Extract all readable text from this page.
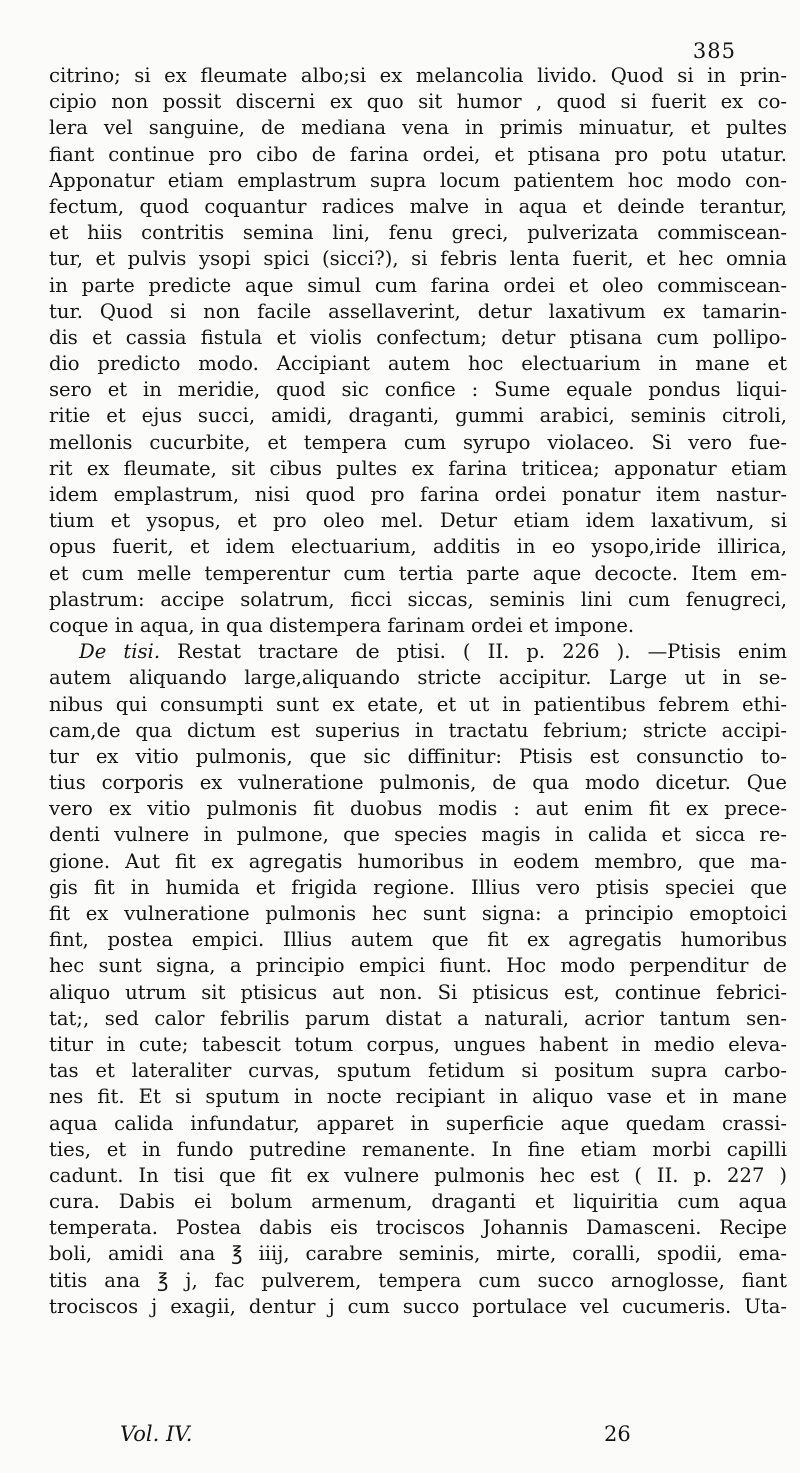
385
citrino; si ex fleumate albo;si ex melancolia livido. Quod si in prin-
cipio non possit discerni ex quo sit humor , quod si fuerit ex co-
lera vel sanguine, de mediana vena in primis minuatur, et pultes
fiant continue pro cibo de farina ordei, et ptisana pro potu utatur.
Apponatur etiam emplastrum supra locum patientem hoc modo con-
fectum, quod coquantur radices malve in aqua et deinde terantur,
et hiis contritis semina lini, fenu greci, pulverizata commiscean-
tur, et pulvis ysopi spici (sicci?), si febris lenta fuerit, et hec omnia
in parte predicte aque simul cum farina ordei et oleo commiscean-
tur. Quod si non facile assellaverint, detur laxativum ex tamarin-
dis et cassia fistula et violis confectum; detur ptisana cum pollipo-
dio predicto modo. Accipiant autem hoc electuarium in mane et
sero et in meridie, quod sic confice : Sume equale pondus liqui-
ritie et ejus succi, amidi, draganti, gummi arabici, seminis citroli,
mellonis cucurbite, et tempera cum syrupo violaceo. Si vero fue-
rit ex fleumate, sit cibus pultes ex farina triticea; apponatur etiam
idem emplastrum, nisi quod pro farina ordei ponatur item nastur-
tium et ysopus, et pro oleo mel. Detur etiam idem laxativum, si
opus fuerit, et idem electuarium, additis in eo ysopo,iride illirica,
et cum melle temperentur cum tertia parte aque decocte. Item em-
plastrum: accipe solatrum, ficci siccas, seminis lini cum fenugreci,
coque in aqua, in qua distempera farinam ordei et impone.
De tisi. Restat tractare de ptisi. ( II. p. 226 ). —Ptisis enim
autem aliquando large,aliquando stricte accipitur. Large ut in se-
nibus qui consumpti sunt ex etate, et ut in patientibus febrem ethi-
cam,de qua dictum est superius in tractatu febrium; stricte accipi-
tur ex vitio pulmonis, que sic diffinitur: Ptisis est consunctio to-
tius corporis ex vulneratione pulmonis, de qua modo dicetur. Que
vero ex vitio pulmonis fit duobus modis : aut enim fit ex prece-
denti vulnere in pulmone, que species magis in calida et sicca re-
gione. Aut fit ex agregatis humoribus in eodem membro, que ma-
gis fit in humida et frigida regione. Illius vero ptisis speciei que
fit ex vulneratione pulmonis hec sunt signa: a principio emoptoici
fint, postea empici. Illius autem que fit ex agregatis humoribus
hec sunt signa, a principio empici fiunt. Hoc modo perpenditur de
aliquo utrum sit ptisicus aut non. Si ptisicus est, continue febrici-
tat;, sed calor febrilis parum distat a naturali, acrior tantum sen-
titur in cute; tabescit totum corpus, ungues habent in medio eleva-
tas et lateraliter curvas, sputum fetidum si positum supra carbo-
nes fit. Et si sputum in nocte recipiant in aliquo vase et in mane
aqua calida infundatur, apparet in superficie aque quedam crassi-
ties, et in fundo putredine remanente. In fine etiam morbi capilli
cadunt. In tisi que fit ex vulnere pulmonis hec est ( II. p. 227 )
cura. Dabis ei bolum armenum, draganti et liquiritia cum aqua
temperata. Postea dabis eis trociscos Johannis Damasceni. Recipe
boli, amidi ana ℥ iiij, carabre seminis, mirte, coralli, spodii, ema-
titis ana ℥ j, fac pulverem, tempera cum succo arnoglosse, fiant
trociscos j exagii, dentur j cum succo portulace vel cucumeris. Uta-
Vol. IV.	26
